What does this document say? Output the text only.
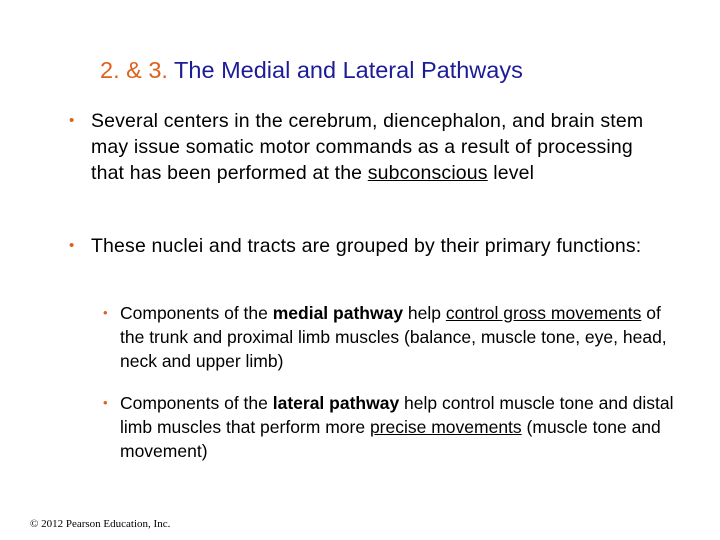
2. & 3. The Medial and Lateral Pathways
• Several centers in the cerebrum, diencephalon, and brain stem may issue somatic motor commands as a result of processing that has been performed at the subconscious level
• These nuclei and tracts are grouped by their primary functions:
• Components of the medial pathway help control gross movements of the trunk and proximal limb muscles (balance, muscle tone, eye, head, neck and upper limb)
• Components of the lateral pathway help control muscle tone and distal limb muscles that perform more precise movements (muscle tone and movement)
© 2012 Pearson Education, Inc.
